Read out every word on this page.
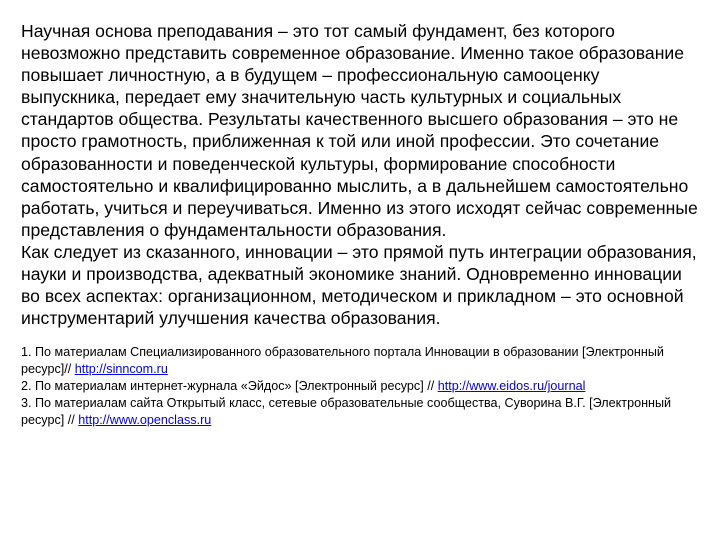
Научная основа преподавания – это тот самый фундамент, без которого невозможно представить современное образование. Именно такое образование повышает личностную, а в будущем – профессиональную самооценку выпускника, передает ему значительную часть культурных и социальных стандартов общества. Результаты качественного высшего образования – это не просто грамотность, приближенная к той или иной профессии. Это сочетание образованности и поведенческой культуры, формирование способности самостоятельно и квалифицированно мыслить, а в дальнейшем самостоятельно работать, учиться и переучиваться. Именно из этого исходят сейчас современные представления о фундаментальности образования.

Как следует из сказанного, инновации – это прямой путь интеграции образования, науки и производства, адекватный экономике знаний. Одновременно инновации во всех аспектах: организационном, методическом и прикладном – это основной инструментарий улучшения качества образования.

1. По материалам Специализированного образовательного портала Инновации в образовании [Электронный ресурс]// http://sinncom.ru

2. По материалам интернет-журнала «Эйдос» [Электронный ресурс] // http://www.eidos.ru/journal

3. По материалам сайта Открытый класс, сетевые образовательные сообщества, Суворина В.Г. [Электронный ресурс] // http://www.openclass.ru
